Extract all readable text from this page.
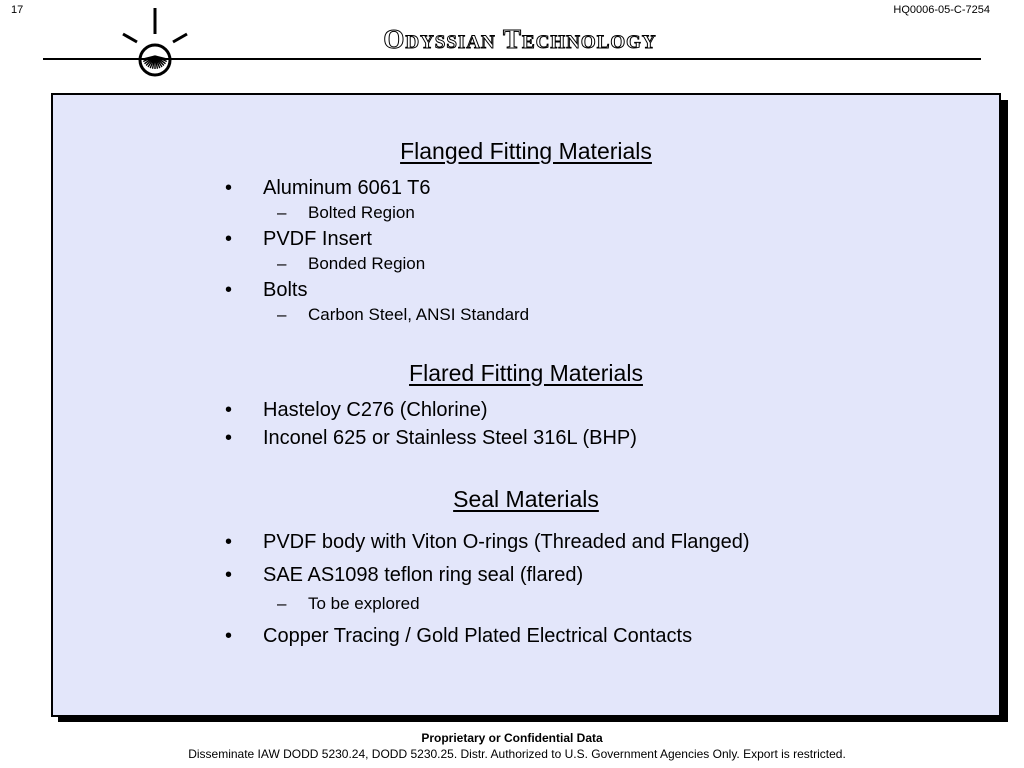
17	HQ0006-05-C-7254
Odyssian Technology
Flanged Fitting Materials
• Aluminum 6061 T6
– Bolted Region
• PVDF Insert
– Bonded Region
• Bolts
– Carbon Steel, ANSI Standard
Flared Fitting Materials
• Hasteloy C276 (Chlorine)
• Inconel 625 or Stainless Steel 316L (BHP)
Seal Materials
• PVDF body with Viton O-rings (Threaded and Flanged)
• SAE AS1098 teflon ring seal (flared)
– To be explored
• Copper Tracing / Gold Plated Electrical Contacts
Proprietary or Confidential Data
Disseminate IAW DODD 5230.24, DODD 5230.25. Distr. Authorized to U.S. Government Agencies Only. Export is restricted.
